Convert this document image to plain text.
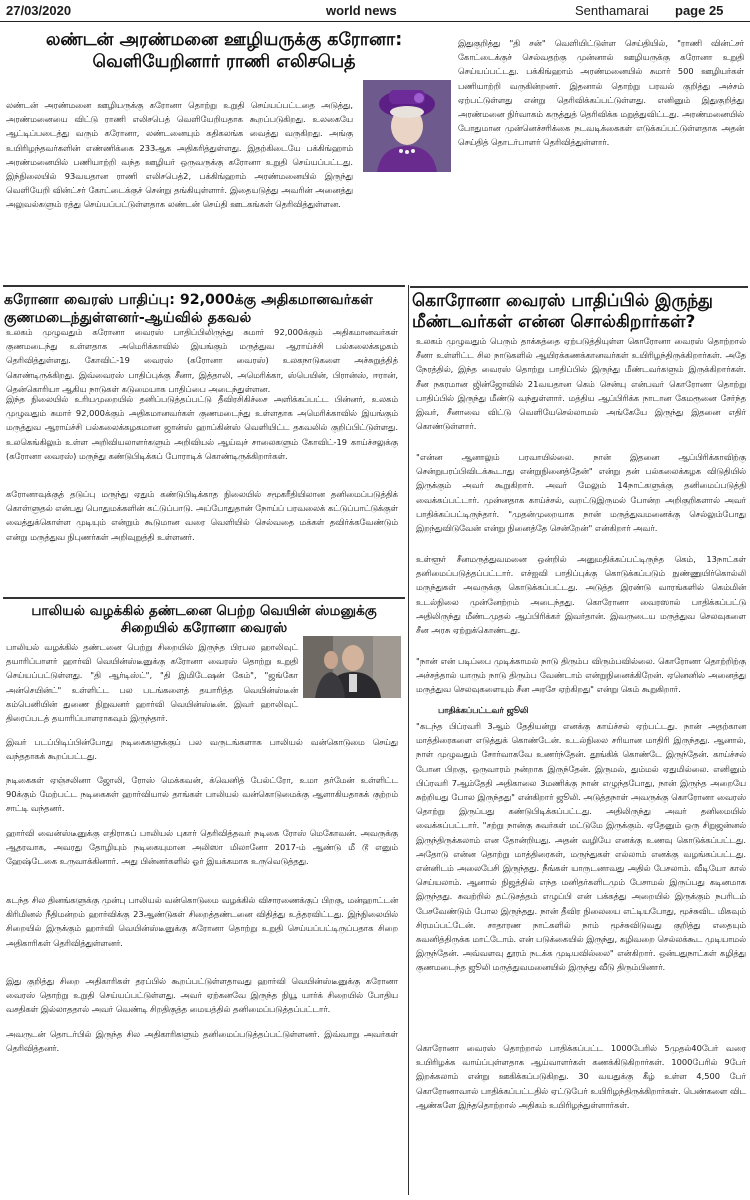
27/03/2020	world news	Senthamarai page 25

லண்டன் அரண்மனை ஊழியருக்கு கரோனா:

வெளியேறினார் ராணி எலிசபெத்

லண்டன் அரண்மனை ஊழியருக்கு கரோனா தொற்று உறுதி செய்யப்பட்டதை அடுத்து, அரண்மனையை விட்டு ராணி எலிசபெத் வெளியேறியதாக கூறப்படுகிறது. உலகையே ஆட்டிப்படைத்து வரும் கரோனா, லண்டனையும் கதிகலங்க வைத்து வருகிறது. அங்கு உயிரிழந்தவர்களின் எண்ணிக்கை 233ஆக அதிகரித்துள்ளது. இதற்கிடையே பக்கிங்ஹாம் அரண்மனையில் பணியாற்றி வந்த ஊழியர் ஒருவருக்கு கரோனா உறுதி செய்யப்பட்டது. இந்நிலையில் 93வயதான ராணி எலிசபெத்2, பக்கிங்ஹாம் அரண்மனையில் இருந்து வெளியேறி வின்ட்சர் கோட்டைக்குச் சென்று தங்கியுள்ளார். இதையடுத்து அவரின் அனைத்து அலுவல்களும் ரத்து செய்யப்பட்டுள்ளதாக லண்டன் செய்தி ஊடகங்கள் தெரிவித்துள்ளன.

இதுகுறித்து "தி சன்" வெளியிட்டுள்ள செய்தியில், "ராணி வின்ட்சர் கோட்டைக்குச் செல்வதற்கு முன்னால் ஊழியருக்கு கரோனா உறுதி செய்யப்பட்டது. பக்கிங்ஹாம் அரண்மனையில் சுமார் 500 ஊழியர்கள் பணியாற்றி வருகின்றனர். இதனால் தொற்று பரவல் குறித்து அச்சம் ஏற்பட்டுள்ளது என்று தெரிவிக்கப்பட்டுள்ளது. எனினும் இதுகுறித்து அரண்மனை நிர்வாகம் கருத்துத் தெரிவிக்க மறுத்துவிட்டது. அரண்மனையில் போதுமான முன்னெச்சரிக்கை நடவடிக்கைகள் எடுக்கப்பட்டுள்ளதாக அதன் செய்தித் தொடர்பாளர் தெரிவித்துள்ளார்.

கரோனா வைரஸ் பாதிப்பு: 92,000க்கு அதிகமானவர்கள்

குணமடைந்துள்ளனர்-ஆய்வில் தகவல்

உலகம் முழுவதும் கரோனா வைரஸ் பாதிப்பிலிருந்து சுமார் 92,000க்கும் அதிகமானவர்கள் குணமடைந்து உள்ளதாக அமெரிக்காவில் இயங்கும் மருத்துவ ஆராய்ச்சி பல்கலைக்கழகம் தெரிவித்துள்ளது. கோவிட்-19 வைரஸ் (கரோனா வைரஸ்) உலகநாடுகளை அச்சுறுத்தித் கொண்டிருக்கிறது. இவ்வைரஸ் பாதிப்புக்கு சீனா, இத்தாலி, அமெரிக்கா, ஸ்பெயின், பிரான்ஸ், ஈரான், தென்கொரியா ஆகிய நாடுகள் கடுமையாக பாதிப்பை அடைந்துள்ளன.

இந்த நிலையில் உரியமுறையில் தனிப்படுத்தப்பட்டு தீவிரசிகிச்சை அளிக்கப்பட்ட பின்னர், உலகம் முழுவதும் சுமார் 92,000க்கும் அதிகமானவர்கள் குணமடைந்து உள்ளதாக அமெரிக்காவில் இயங்கும் மருத்துவ ஆராய்ச்சி பல்கலைக்கழகமான ஜான்ஸ் ஹாப்கின்ஸ் வெளியிட்ட தகவலில் குறிப்பிட்டுள்ளது. உலகெங்கிலும் உள்ள அறிவியலாளர்களும் அறிவியல் ஆய்வுச் சாலைகளும் கோவிட்-19 காய்ச்சலுக்கு (கரோனா வைரஸ்) மருந்து கண்டுபிடிக்கப் போராடிக் கொண்டிருக்கிறார்கள்.

கரோனாவுக்குத் தடுப்பு மருந்து ஏதும் கண்டுபிடிக்காத நிலையில் சமூகரீதியிலான தனிமைப்படுத்திக் கொள்ளுதல் என்பது பொதுமக்களின் கட்டுப்பாடு. அப்போதுதான் நோய்ப் பரவலைக் கட்டுப்பாட்டுக்குள் வைத்துக்கொள்ள முடியும் என்றும் கூடுமான வரை வெளியில் செல்வதை மக்கள் தவிர்க்கவேண்டும் என்று மருத்துவ நிபுணர்கள் அறிவுறுத்தி உள்ளனர்.

கொரோனா வைரஸ் பாதிப்பில் இருந்து

மீண்டவர்கள் என்ன சொல்கிறார்கள்?

உலகம் முழுவதும் பெரும் தாக்கத்தை ஏற்படுத்தியுள்ள கொரோனா வைரஸ் தொற்றால் சீனா உள்ளிட்ட சில நாடுகளில் ஆயிரக்கணக்கானவர்கள் உயிரிழந்திருக்கிறார்கள். அதே நேரத்தில், இந்த வைரஸ் தொற்று பாதிப்பில் இருந்து மீண்டவர்களும் இருக்கிறார்கள். சீன நகரமான ஜின்ஜோவில் 21வயதான கெம் சென்யு என்பவர் கொரோனா தொற்று பாதிப்பில் இருந்து மீண்டு வந்துள்ளார். மத்திய ஆப்பிரிக்க நாடான கேமரூனை சேர்ந்த இவர், சீனாவை விட்டு வெளியேசெல்லாமல் அங்கேயே இருந்து இதனை எதிர் கொண்டுள்ளார்.

"என்ன ஆனாலும் பரவாயில்லை. நான் இதனை ஆப்பிரிக்காவிற்கு சென்றுபரப்பிவிடக்கூடாது என்றுநினைத்தேன்" என்று தன் பல்கலைக்கழக விடுதியில் இருக்கும் அவர் கூறுகிறார். அவர் மேலும் 14நாட்களுக்கு தனிமைப்படுத்தி வைக்கப்பட்டார். முன்னதாக காய்ச்சல், வறட்டுஇருமல் போன்ற அறிகுறிகளால் அவர் பாதிக்கப்பட்டிருந்தார். "முதன்முறையாக நான் மருத்துவமனைக்கு செல்லும்போது இறந்துவிடுவேன் என்று நினைத்தே சென்றேன்" என்கிறார் அவர்.

உள்ளூர் சீனமருத்துவமனை ஒன்றில் அனுமதிக்கப்பட்டிருந்த கெம், 13நாட்கள் தனிமைப்படுத்தப்பட்டார். எச்ஐவி பாதிப்புக்கு கொடுக்கப்படும் நுண்ணுயிர்கொல்லி மருந்துகள் அவருக்கு கொடுக்கப்பட்டது. அடுத்த இரண்டு வாரங்களில் கெம்மின் உடல்நிலை முன்னேற்றம் அடைந்தது. கொரோனா வைரஸால் பாதிக்கப்பட்டு அதிலிருந்து மீண்டமுதல் ஆப்பிரிக்கர் இவர்தான். இவருடைய மருத்துவ செலவுகளை சீன அரசு ஏற்றுக்கொண்டது.

"நான் என் படிப்பை முடிக்காமல் நாடு திரும்ப விரும்பவில்லை. கொரோனா தொற்றிற்கு அச்சத்தால் யாரும் நாடு திரும்ப வேண்டாம் என்றுநினைக்கிறேன். ஏனெனில் அனைத்து மருத்துவ செலவுகளையும் சீன அரசே ஏற்கிறது" என்று கெம் கூறுகிறார்.

பாதிக்கப்பட்டவர் ஜூலி

"கடந்த பிப்ரவரி 3ஆம் தேதியன்று எனக்கு காய்ச்சல் ஏற்பட்டது. நான் அதற்கான மாத்திரைகளை எடுத்துக் கொண்டேன். உடல்நிலை சரியான மாதிரி இருந்தது. ஆனால், நாள் முழுவதும் சோர்வாகவே உணர்ந்தேன். தூங்கிக் கொண்டே இருந்தேன். காய்ச்சல் போன பிறகு, ஒருவாரம் நன்றாக இருந்தேன். இருமல், தும்மல் ஏதுமில்லை. எனினும் பிப்ரவரி 7ஆம்தேதி அதிகாலை 3மணிக்கு நான் எழுந்தபோது, நான் இருந்த அறையே சுற்றியது போல இருந்தது" என்கிறார் ஜூலி. அடுத்தநாள் அவருக்கு கொரோனா வைரஸ் தொற்று இருப்பது கண்டுபிடிக்கப்பட்டது. அதிலிருந்து அவர் தனிமையில் வைக்கப்பட்டார். "சற்று நான்கு சுவர்கள் மட்டுமே இருக்கும். ஏதேனும் ஒரு சிறுஜன்னல் இருந்திருக்கலாம் என தோன்றியது. அதன் வழியே எனக்கு உணவு கொடுக்கப்பட்டது. அதோடு என்ன தொற்று மாத்திரைகள், மருந்துகள் எல்லாம் எனக்கு வழங்கப்பட்டது. என்னிடம் அலைபேசி இருந்தது. நீங்கள் யாருடனாவது அதில் பேசலாம். வீடியோ கால் செய்யலாம். ஆனால் நிஜத்தில் எந்த மனிதர்களிடமும் பேசாமல் இருப்பது கடினமாக இருந்தது. சுவற்றில் தட்டுசத்தம் எழுப்பி என் பக்கத்து அறையில் இருக்கும் நபரிடம் பேசவேண்டும் போல இருந்தது. நான் தீவிர நிலையை எட்டியபோது, மூச்சுவிட மிகவும் சிரமப்பட்டேன். சாதாரண நாட்களில் நாம் மூச்சுவிடுவது குறித்து எதையும் கவனித்திருக்க மாட்டோம். என் படுக்கையில் இருந்து, கழிவறை செல்லக்கூட முடியாமல் இருந்தேன். அவ்வளவு தூரம் நடக்க முடியவில்லை" என்கிறார். ஒன்பதுநாட்கள் கழித்து குணமடைந்த ஜூலி மருத்துவமனையில் இருந்து வீடு திரும்பினார்.

கொரோனா வைரஸ் தொற்றால் பாதிக்கப்பட்ட 1000பேரில் 5முதல்40பேர் வரை உயிரிழக்க வாய்ப்புள்ளதாக ஆய்வாளர்கள் கணக்கிடுகிறார்கள். 1000பேரில் 9பேர் இறக்கலாம் என்று ஊகிக்கப்படுகிறது. 30 வயதுக்கு கீழ் உள்ள 4,500 பேர் கொரோனாவால் பாதிக்கப்பட்டதில் ஏட்டுபேர் உயிரிழந்திருக்கிறார்கள். பெண்களை விட ஆண்களே இந்ததொற்றால் அதிகம் உயிரிழந்துள்ளார்கள்.

பாலியல் வழக்கில் தண்டனை பெற்ற வெயின் ஸ்மனுக்கு

சிறையில் கரோனா வைரஸ்

பாலியல் வழக்கில் தண்டனை பெற்று சிறையில் இருந்த பிரபல ஹாலிவுட் தயாரிப்பாளர் ஹார்வி வெயின்ஸ்டீனுக்கு கரோனா வைரஸ் தொற்று உறுதி செய்யப்பட்டுள்ளது. "தி ஆர்டிஸ்ட்", "தி இமிடேஷன் கேம்", "ஜங்கோ அன்செயின்ட்" உள்ளிட்ட பல படங்களைத் தயாரித்த வெயின்ஸ்டீன் கம்பெனியின் துணை நிறுவனர் ஹார்வி வெயின்ஸ்டீன். இவர் ஹாலிவுட் திரைப்படத் தயாரிப்பாளராகவும் இருந்தார்.

இவர் படப்பிடிப்பின்போது நடிகைகளுக்குப் பல வருடங்களாக பாலியல் வன்கொடுமை செய்து வந்ததாகக் கூறப்பட்டது.

நடிகைகள் ஏஞ்சலினா ஜோலி, ரோஸ் மெக்கவன், க்வெனித் பேல்ட்ரோ, உமா தர்மேன் உள்ளிட்ட 90க்கும் மேற்பட்ட நடிகைகள் ஹார்வியால் தாங்கள் பாலியல் வன்கொடுமைக்கு ஆளாகியதாகக் குற்றம் சாட்டி வந்தனர்.

ஹார்வி வைன்ஸ்டீனுக்கு எதிராகப் பாலியல் புகார் தெரிவித்தவர் நடிகை ரோஸ் மெகோவன். அவருக்கு ஆதரவாக, அவரது தோழியும் நடிகையுமான அலிஸா மிலானோ 2017-ம் ஆண்டு மீ டூ எனும் ஹேஷ்டேகை உருவாக்கினார். அது பின்னர்களில் ஓர் இயக்கமாக உருவெடுத்தது.

கடந்த சில தினங்களுக்கு முன்பு பாலியல் வன்கொடுமை வழக்கில் விசாரணைக்குப் பிறகு, மன்ஹாட்டன் கிரிமினல் நீதிமன்றம் ஹார்விக்கு 23ஆண்டுகள் சிறைத்தண்டனை விதித்து உத்தரவிட்டது. இந்நிலையில் சிறையில் இருக்கும் ஹார்வி வெயின்ஸ்டீனுக்கு கரோனா தொற்று உறுதி செய்யப்பட்டிருப்பதாக சிறை அதிகாரிகள் தெரிவித்துள்ளனர்.

இது குறித்து சிறை அதிகாரிகள் தரப்பில் கூறப்பட்டுள்ளதாவது ஹார்வி வெயின்ஸ்டீனுக்கு கரோனா வைரஸ் தொற்று உறுதி செய்யப்பட்டுள்ளது. அவர் ஏற்கனவே இருந்த நியூ யார்க் சிறையில் போதிய வசதிகள் இல்லாததால் அவர் வெண்டி சிறதிகுத்த மையத்தில் தனிமைப்படுத்தப்பட்டார்.

அவருடன் தொடர்பில் இருந்த சில அதிகாரிகளும் தனிமைப்படுத்தப்பட்டுள்ளனர். இவ்வாறு அவர்கள் தெரிவித்தனர்.
